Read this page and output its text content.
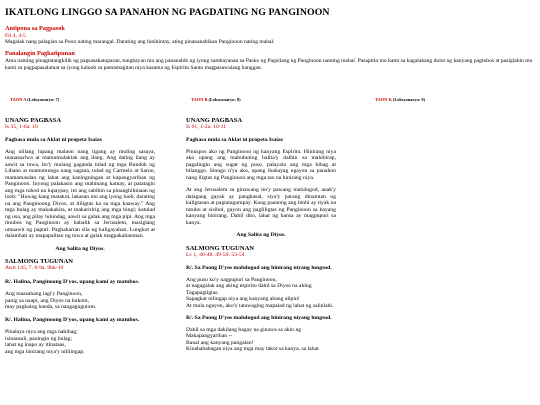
IKATLONG LINGGO SA PANAHON NG PAGDATING NG PANGINOON

Antipona sa Pagpasok

Fil 4, 4-5

Magalak nang palagian sa Poon nating marangal. Darating ang hinihintay, ating pinananabikan Panginoon nating mahal.

Panalangin Pagkatipunan

Ama naming pinagtatangkilik ng pagsasakatuparan, tunghayan mo ang pananabik ng iyong sambayanan sa Pasko ng Pagsilang ng Panginoon naming mahal. Pasapitin mo kami sa kagalakang dulot ng kanyang pagtubos at pasiglahin mo kami sa pagpapasalamat sa iyong kaloob sa pamamagitan niya kasama ng Espiritu Santo magpasawalang hanggan.

TAON A (Leksyonaryo: 7)

UNANG PAGBASA

Is 35, 1-6a. 10

Pagbasa mula sa Aklat ni propeta Isaias

Ang ulilang lupang malaon nang tigang ay muling sasaya, mananariwa at mamumulaklak ang ilang. Ang dating ilang ay aawit sa tuwa, ito'y mulang gaganda tulad ng mga Bundok ng Libano at mamumunga nang sagana, tulad ng Carmelo at Saron, mamamasdan ng lahat ang kaningningan at kapangyarihan ng Panginoon. Inyong palakasin ang mahinang kamay, at patatagin ang mga tuhod na lupaypay, ito ang sabihin sa pinanghihinaan ng loob: "Huwag kang matakot, lakasan mo ang iyong loob, darating na ang Panginoong Diyos, at ililigtas ka sa mga kaaway." Ang mga bulag ay makakakita, at makariririg ang mga bingi; katulad ng usa, ang pilay lulundag, aawit sa galak ang mga pipi. Ang mga tinubos ng Panginoon ay babalik sa Jerusalem, masiglang umaawit ng papuri. Paghaharian sila ng kaligayahan. Lungkot at dalamhati ay mapapalitan ng tuwa at galak magpakailanman.

Ang Salita ng Diyos.

SALMONG TUGUNAN

Awit 145, 7. 8-9a. 9bk-10

R/. Halina, Panginoong D'yos, upang kami ay matubos.

Ang maasahang lagi'y Panginoon,
panig sa naapi, ang Diyos na hukom,
may pagkaing handa, sa nangagugutom.

R/. Halina, Panginoong D'yos, upang kami ay matubos.

Pinalaya niya ang mga nabihag;
isinasauli, paningin ng bulag;
lahat ng inapo ay itinataas,
ang mga hinirang niya'y nililingap.

TAON B (Leksyonaryo: 8)

UNANG PAGBASA

Is 61, 1-2a. 10-11

Pagbasa mula sa Aklat ni propeta Isaias

Pinuspos ako ng Panginoon ng kanyang Espiritu. Hinirang niya ako upang ang mabubuting balita'y dalhin sa mahihirap, pagalingin ang sugat ng puso, palayain ang mga bihag at bilanggo. Sinugo n'ya ako, upang ihahayag ngayon sa panahon nang iligtas ng Panginoon ang mga tao na hinirang niya.

At ang Jerusalem sa ginawang ito'y pawang malulugod, anak'y dalagang gayak ay pangkasal, siya'y parang dinamtan ng kaligtasan at pagtatagumpay. Kung paanong ang binhi ay tiyak na tutubo at sisibol, gayon ang pagliligtas ng Panginoon sa bayang kanyang hinirang. Dahil dito, lahat ng bansa ay magpupuri sa kanya.

Ang Salita ng Diyos.

SALMONG TUGUNAN

Lc 1, 46-48. 49-50. 53-54

R/. Sa Poong D'yos malulugod ang hinirang niyang lungsod.

Ang puso ko'y nagpupuri sa Panginoon,
at nagagalak ang aking espiritu dahil sa Diyos na aking Tagapagligtas.
Sapagkat nilingap niya ang kanyang abang alipin!
At mula ngayon, ako'y tatawaging mapalad ng lahat ng salinlahi.

R/. Sa Poong D'yos malulugod ang hinirang niyang lungsod.

Dahil sa mga dakilang bagay na ginawa sa akin ng Makapangyarihan --
Banal ang kanyang pangalan!
Kinahahabagan niya ang mga may takot sa kanya, sa lahat

TAON K (Leksyonaryo: 9)
